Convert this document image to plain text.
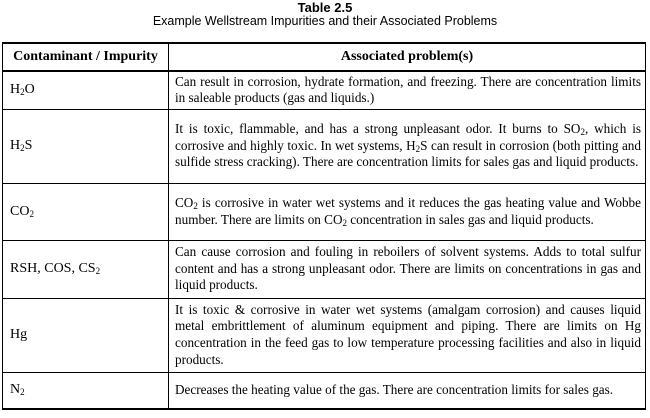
Table 2.5
Example Wellstream Impurities and their Associated Problems
Contaminant / Impurity	Associated problem(s)
$H_2O$	Can result in corrosion, hydrate formation, and freezing. There are concentration limits in saleable products (gas and liquids.)
$H_2S$	It is toxic, flammable, and has a strong unpleasant odor. It burns to $SO_2$, which is corrosive and highly toxic. In wet systems, $H_2S$ can result in corrosion (both pitting and sulfide stress cracking). There are concentration limits for sales gas and liquid products.
$CO_2$	$CO_2$ is corrosive in water wet systems and it reduces the gas heating value and Wobbe number. There are limits on $CO_2$ concentration in sales gas and liquid products.
RSH, COS, $CS_2$	Can cause corrosion and fouling in reboilers of solvent systems. Adds to total sulfur content and has a strong unpleasant odor. There are limits on concentrations in gas and liquid products.
Hg	It is toxic & corrosive in water wet systems (amalgam corrosion) and causes liquid metal embrittlement of aluminum equipment and piping. There are limits on Hg concentration in the feed gas to low temperature processing facilities and also in liquid products.
$N_2$	Decreases the heating value of the gas. There are concentration limits for sales gas.
